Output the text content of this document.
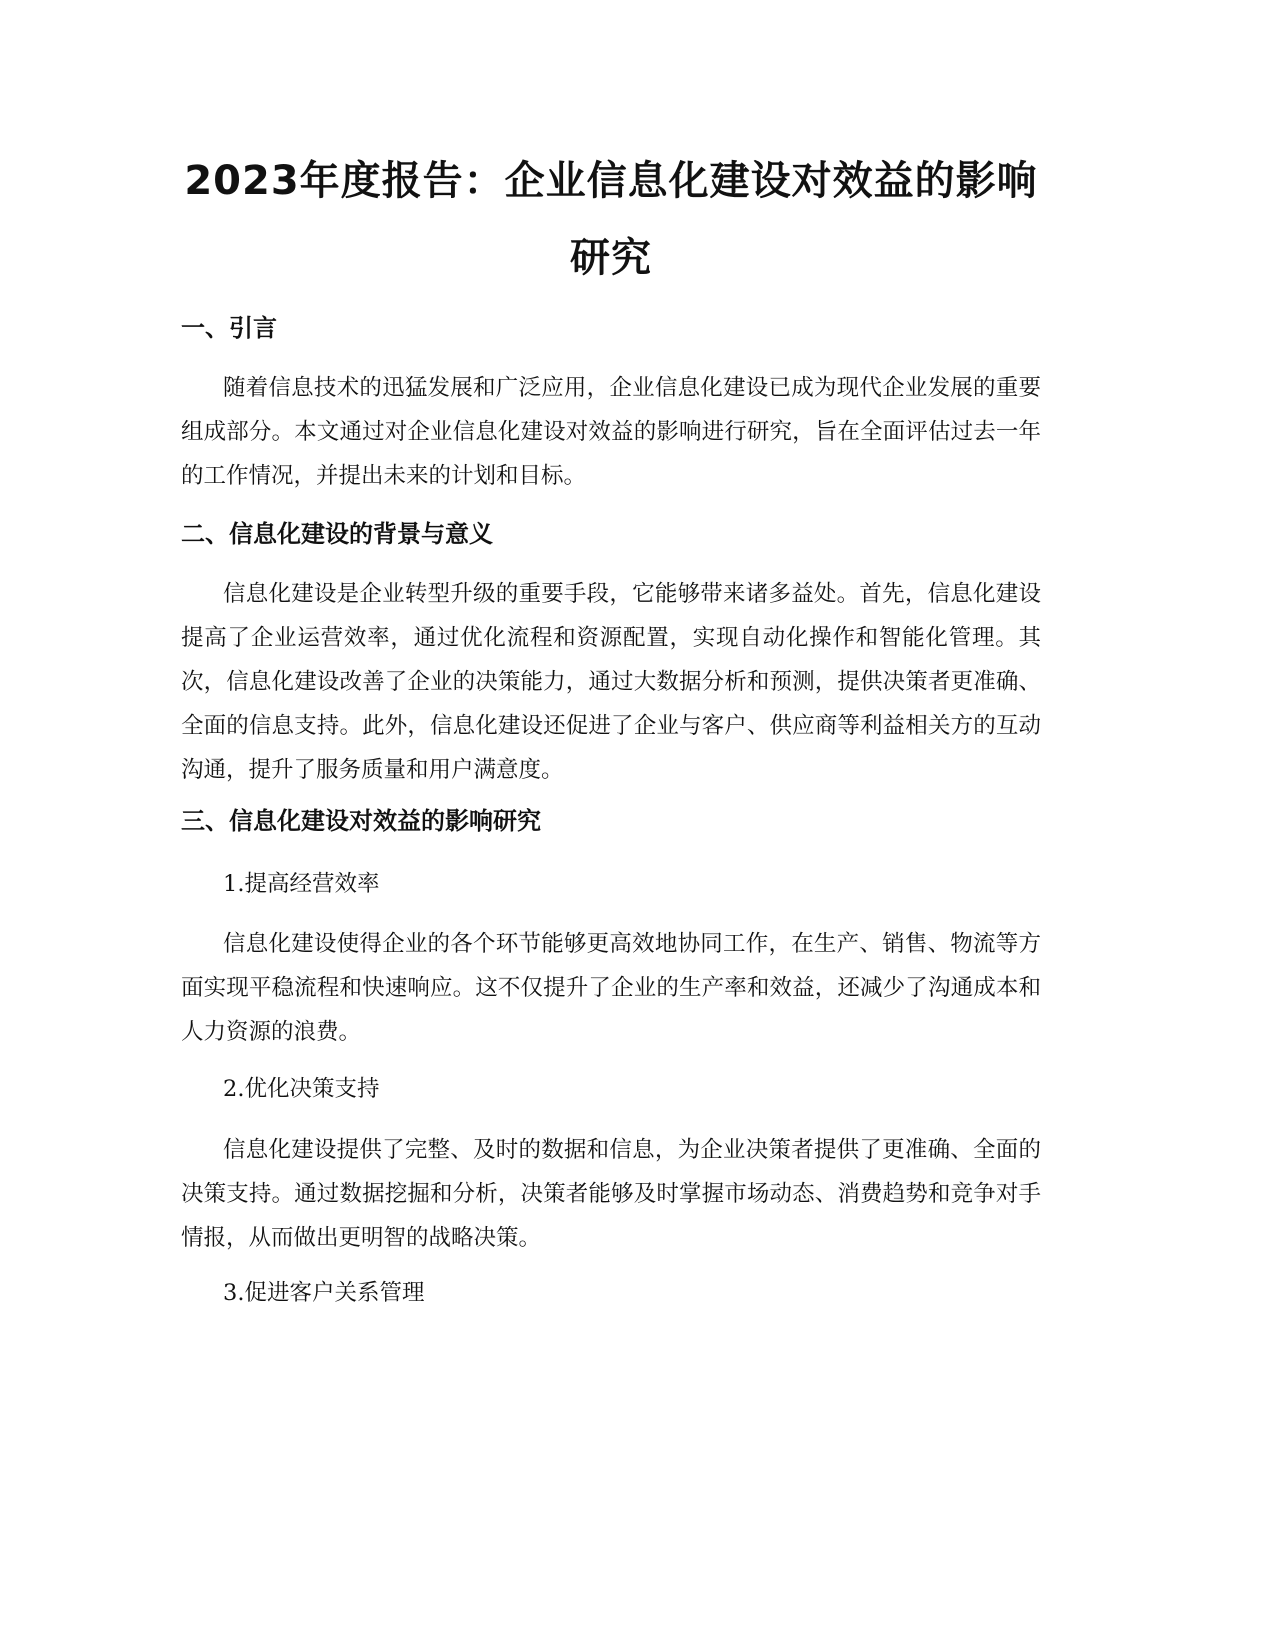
2023年度报告：企业信息化建设对效益的影响研究
一、引言

随着信息技术的迅猛发展和广泛应用，企业信息化建设已成为现代企业发展的重要组成部分。本文通过对企业信息化建设对效益的影响进行研究，旨在全面评估过去一年的工作情况，并提出未来的计划和目标。

二、信息化建设的背景与意义

信息化建设是企业转型升级的重要手段，它能够带来诸多益处。首先，信息化建设提高了企业运营效率，通过优化流程和资源配置，实现自动化操作和智能化管理。其次，信息化建设改善了企业的决策能力，通过大数据分析和预测，提供决策者更准确、全面的信息支持。此外，信息化建设还促进了企业与客户、供应商等利益相关方的互动沟通，提升了服务质量和用户满意度。

三、信息化建设对效益的影响研究

1.提高经营效率

信息化建设使得企业的各个环节能够更高效地协同工作，在生产、销售、物流等方面实现平稳流程和快速响应。这不仅提升了企业的生产率和效益，还减少了沟通成本和人力资源的浪费。

2.优化决策支持

信息化建设提供了完整、及时的数据和信息，为企业决策者提供了更准确、全面的决策支持。通过数据挖掘和分析，决策者能够及时掌握市场动态、消费趋势和竞争对手情报，从而做出更明智的战略决策。

3.促进客户关系管理
